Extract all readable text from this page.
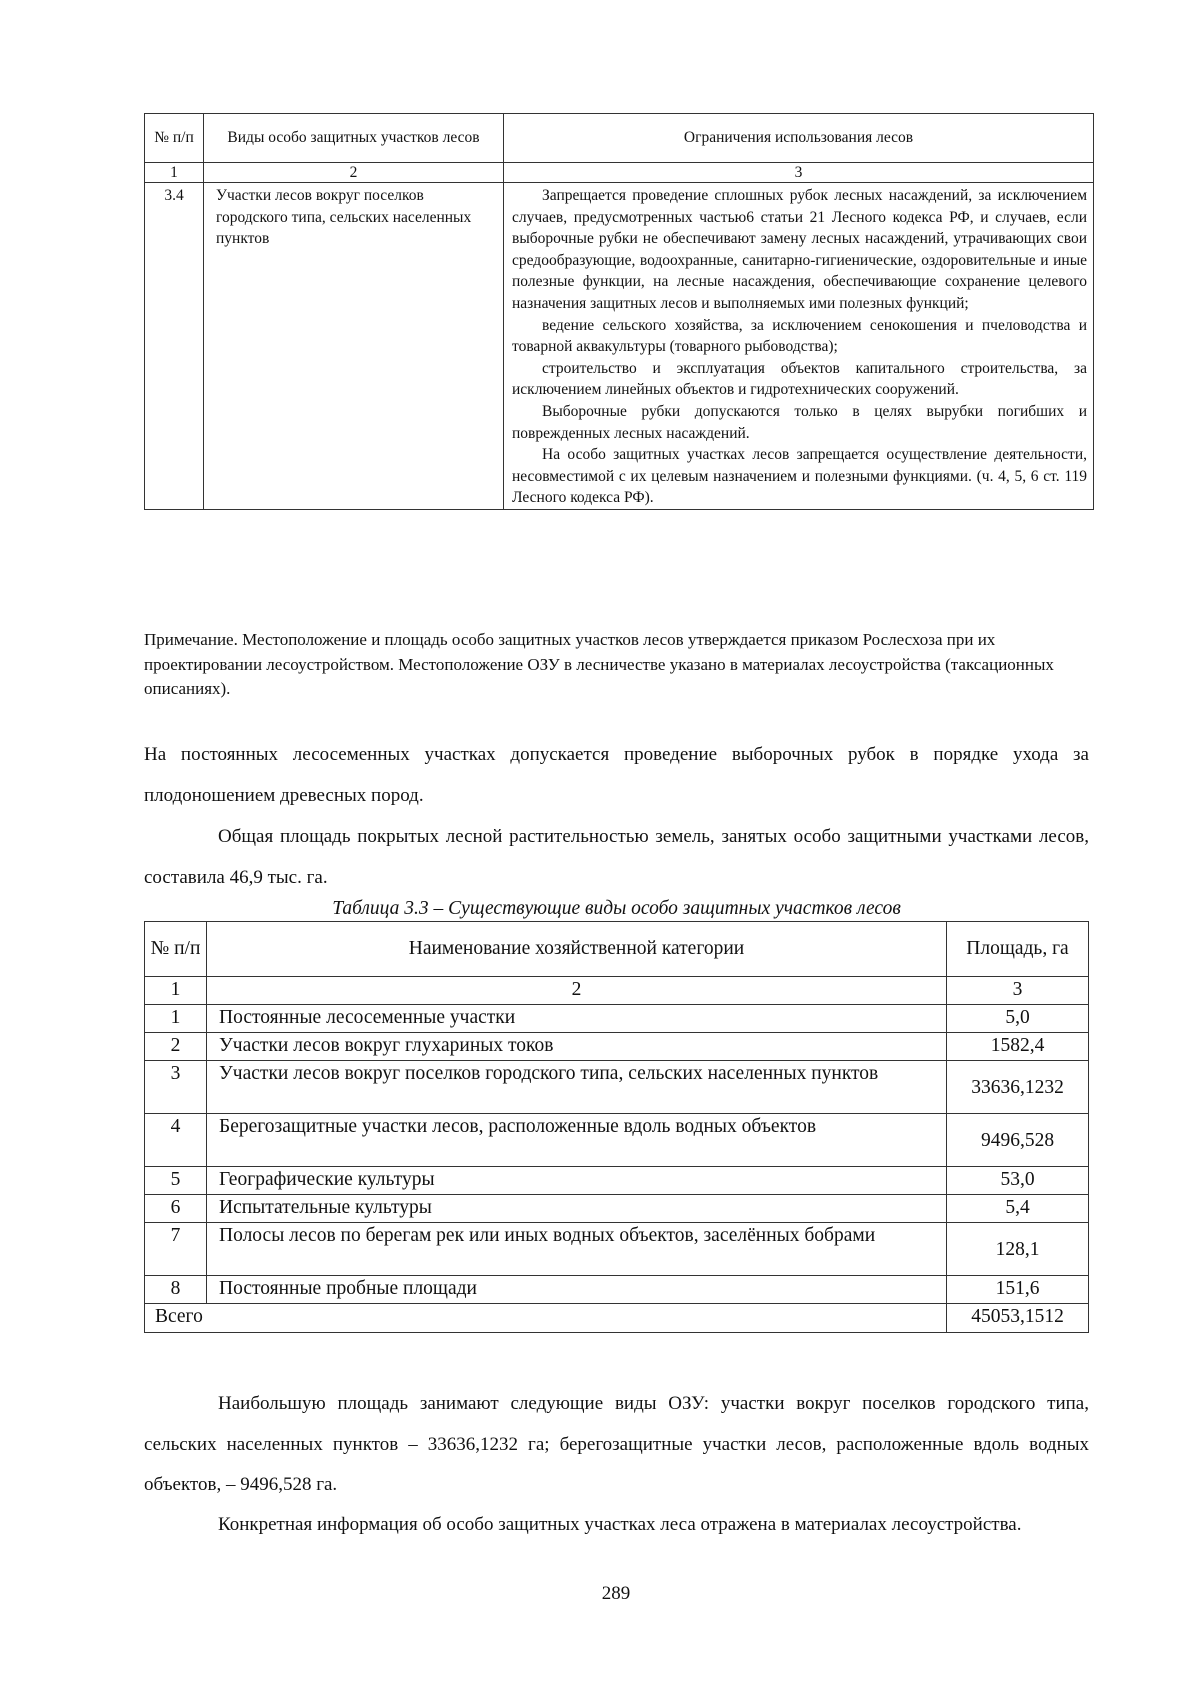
№ п/п	Виды особо защитных участков лесов	Ограничения использования лесов
1	2	3
3.4	Участки лесов вокруг поселков городского типа, сельских населенных пунктов	Запрещается проведение сплошных рубок лесных насаждений, за исключением случаев, предусмотренных частью6 статьи 21 Лесного кодекса РФ, и случаев, если выборочные рубки не обеспечивают замену лесных насаждений, утрачивающих свои средообразующие, водоохранные, санитарно-гигиенические, оздоровительные и иные полезные функции, на лесные насаждения, обеспечивающие сохранение целевого назначения защитных лесов и выполняемых ими полезных функций;

ведение сельского хозяйства, за исключением сенокошения и пчеловодства и товарной аквакультуры (товарного рыбоводства);

строительство и эксплуатация объектов капитального строительства, за исключением линейных объектов и гидротехнических сооружений.

Выборочные рубки допускаются только в целях вырубки погибших и поврежденных лесных насаждений.

На особо защитных участках лесов запрещается осуществление деятельности, несовместимой с их целевым назначением и полезными функциями. (ч. 4, 5, 6 ст. 119 Лесного кодекса РФ).

Примечание. Местоположение и площадь особо защитных участков лесов утверждается приказом Рослесхоза при их проектировании лесоустройством. Местоположение ОЗУ в лесничестве указано в материалах лесоустройства (таксационных описаниях).

На постоянных лесосеменных участках допускается проведение выборочных рубок в порядке ухода за плодоношением древесных пород.

Общая площадь покрытых лесной растительностью земель, занятых особо защитными участками лесов, составила 46,9 тыс. га.

Таблица 3.3 – Существующие виды особо защитных участков лесов

№ п/п	Наименование хозяйственной категории	Площадь, га
1	2	3
1	Постоянные лесосеменные участки	5,0
2	Участки лесов вокруг глухариных токов	1582,4
3	Участки лесов вокруг поселков городского типа, сельских населенных пунктов	33636,1232
4	Берегозащитные участки лесов, расположенные вдоль водных объектов	9496,528
5	Географические культуры	53,0
6	Испытательные культуры	5,4
7	Полосы лесов по берегам рек или иных водных объектов, заселённых бобрами	128,1
8	Постоянные пробные площади	151,6
Всего		45053,1512

Наибольшую площадь занимают следующие виды ОЗУ: участки вокруг поселков городского типа, сельских населенных пунктов – 33636,1232 га; берегозащитные участки лесов, расположенные вдоль водных объектов, – 9496,528 га.

Конкретная информация об особо защитных участках леса отражена в материалах лесоустройства.

289
